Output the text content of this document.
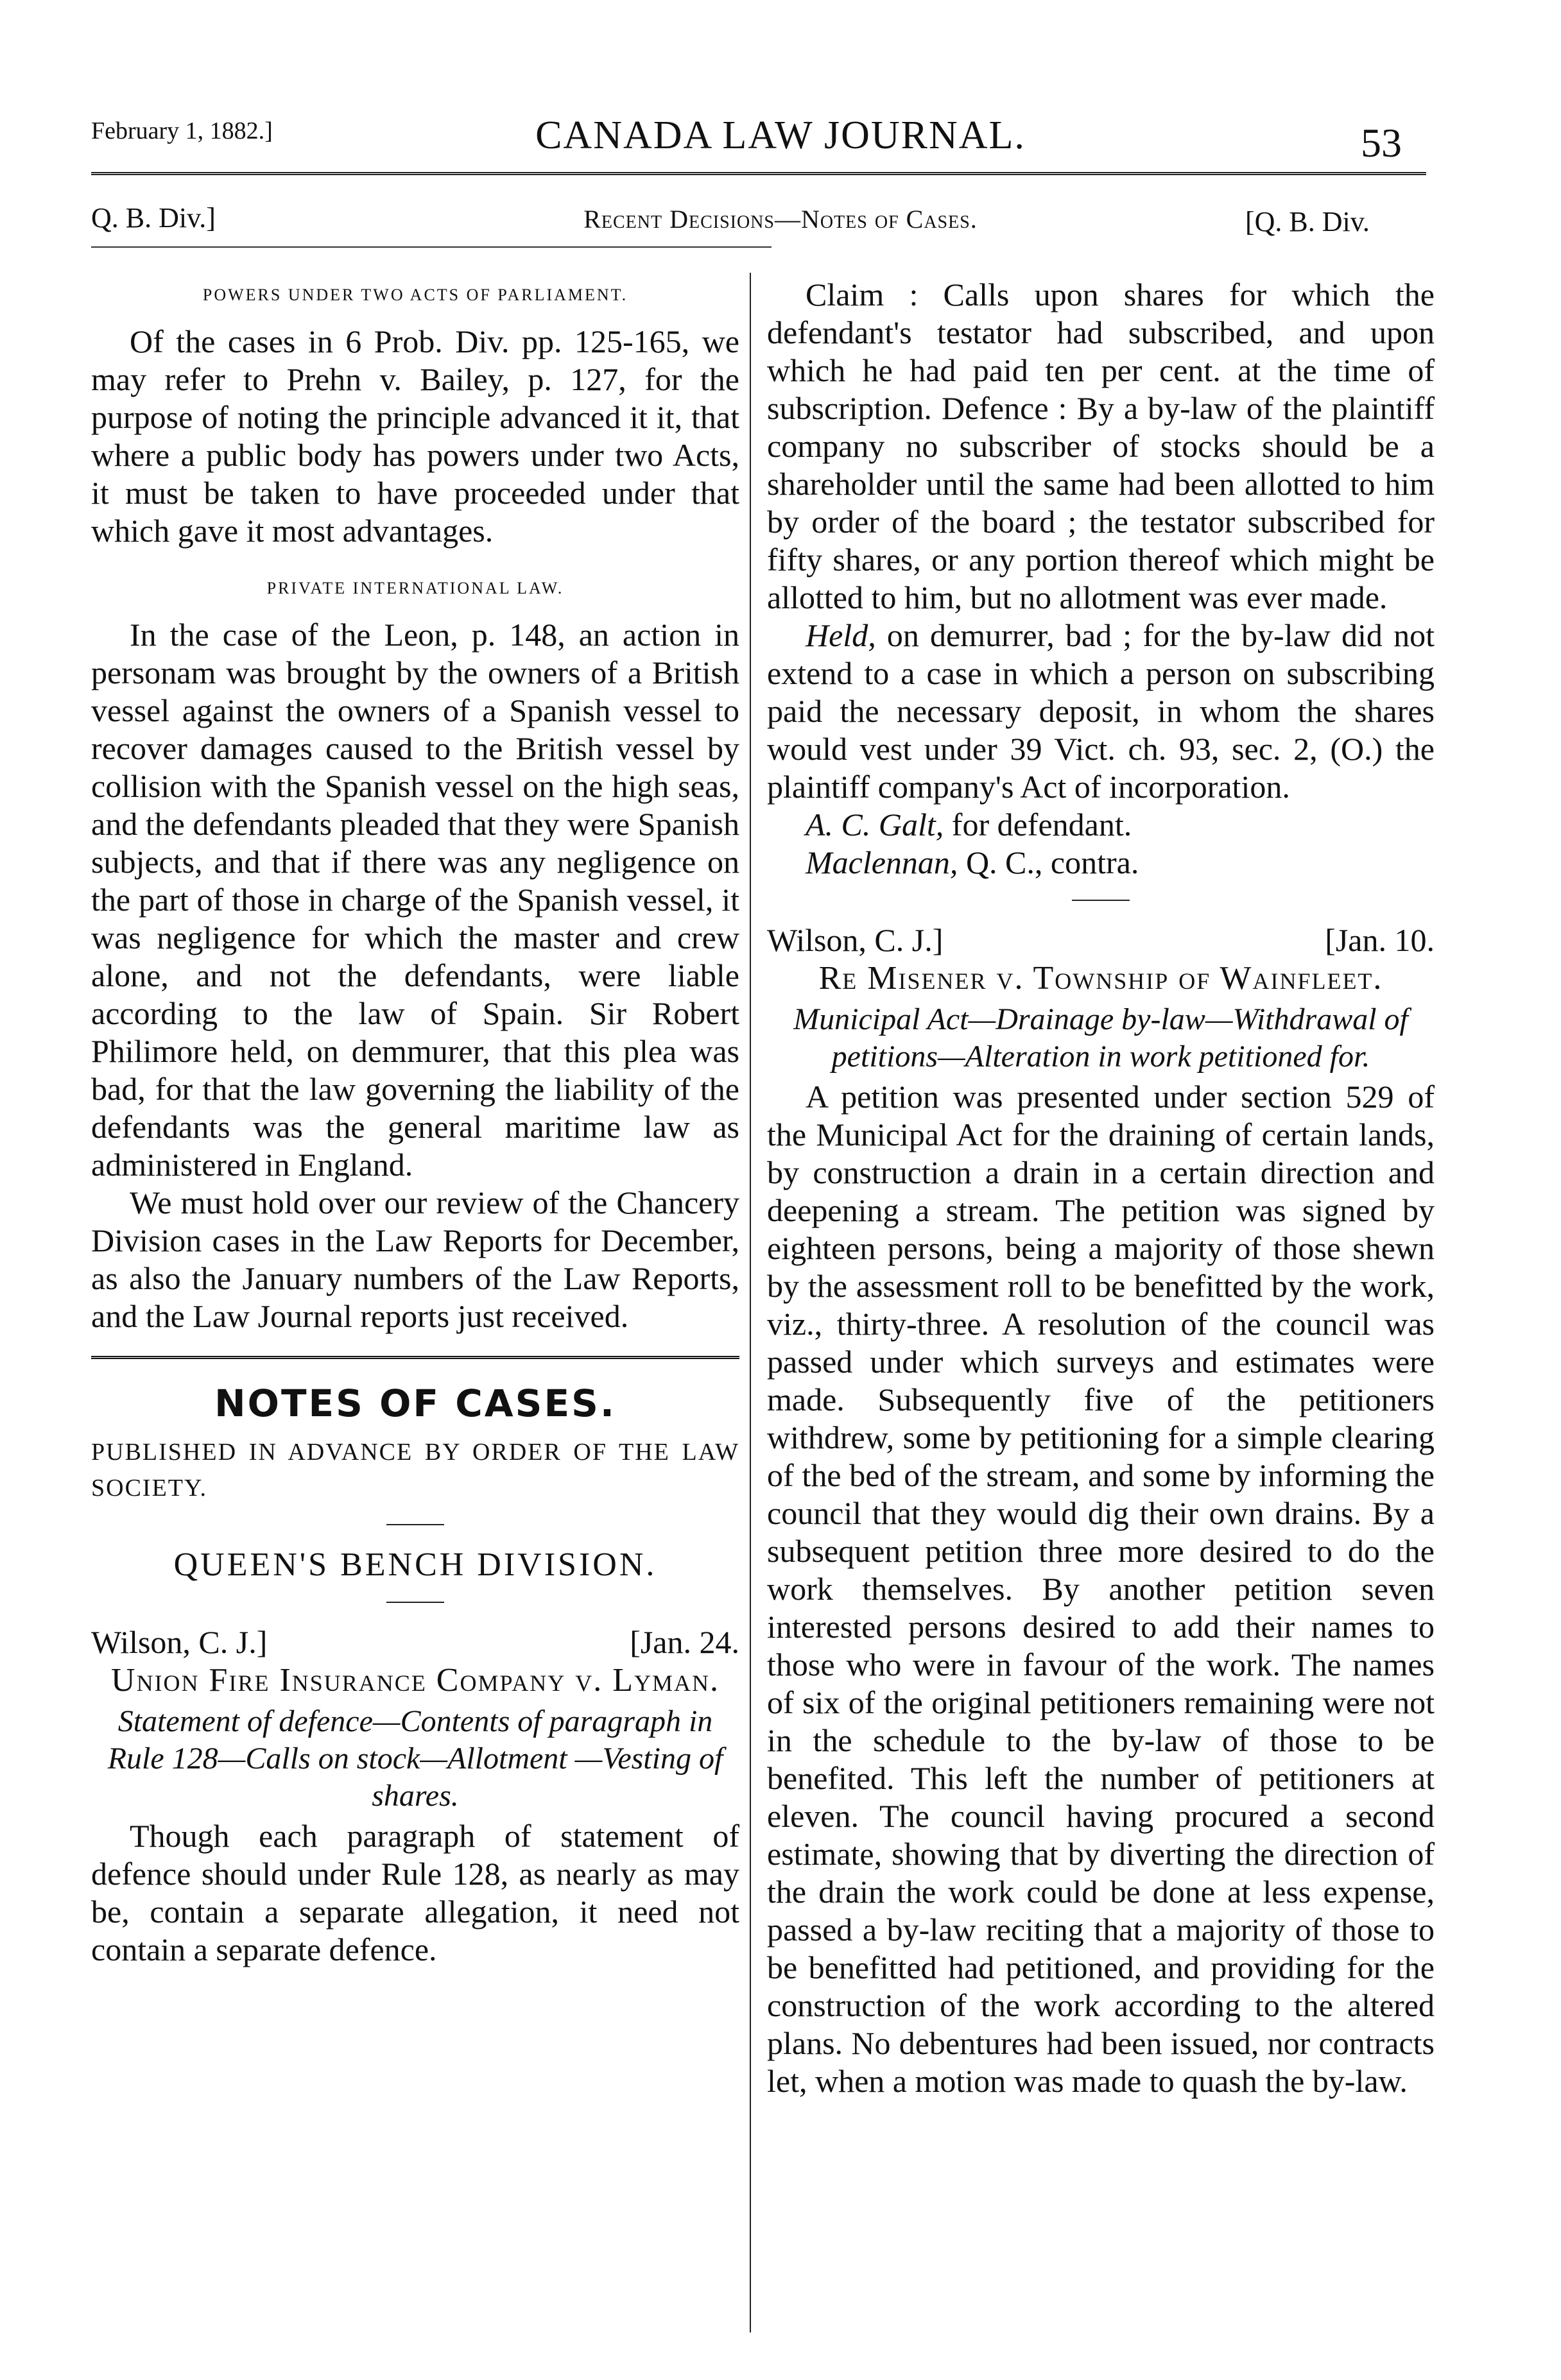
February 1, 1882.]	CANADA LAW JOURNAL.	53
Q. B. Div.]	Recent Decisions—Notes of Cases.	[Q. B. Div.
POWERS UNDER TWO ACTS OF PARLIAMENT.

Of the cases in 6 Prob. Div. pp. 125-165, we may refer to Prehn v. Bailey, p. 127, for the purpose of noting the principle advanced it it, that where a public body has powers under two Acts, it must be taken to have proceeded under that which gave it most advantages.

PRIVATE INTERNATIONAL LAW.

In the case of the Leon, p. 148, an action in personam was brought by the owners of a British vessel against the owners of a Spanish vessel to recover damages caused to the British vessel by collision with the Spanish vessel on the high seas, and the defendants pleaded that they were Spanish subjects, and that if there was any negligence on the part of those in charge of the Spanish vessel, it was negligence for which the master and crew alone, and not the defendants, were liable according to the law of Spain. Sir Robert Philimore held, on demmurer, that this plea was bad, for that the law governing the liability of the defendants was the general maritime law as administered in England.

We must hold over our review of the Chancery Division cases in the Law Reports for December, as also the January numbers of the Law Reports, and the Law Journal reports just received.

NOTES OF CASES.

PUBLISHED IN ADVANCE BY ORDER OF THE LAW SOCIETY.

QUEEN'S BENCH DIVISION.
Wilson, C. J.]	[Jan. 24.
Union Fire Insurance Company v. Lyman.
Statement of defence—Contents of paragraph in Rule 128—Calls on stock—Allotment —Vesting of shares.

Though each paragraph of statement of defence should under Rule 128, as nearly as may be, contain a separate allegation, it need not contain a separate defence.

Claim : Calls upon shares for which the defendant's testator had subscribed, and upon which he had paid ten per cent. at the time of subscription. Defence : By a by-law of the plaintiff company no subscriber of stocks should be a shareholder until the same had been allotted to him by order of the board ; the testator subscribed for fifty shares, or any portion thereof which might be allotted to him, but no allotment was ever made.

Held, on demurrer, bad ; for the by-law did not extend to a case in which a person on subscribing paid the necessary deposit, in whom the shares would vest under 39 Vict. ch. 93, sec. 2, (O.) the plaintiff company's Act of incorporation.

A. C. Galt, for defendant.
Maclennan, Q. C., contra.
Wilson, C. J.]	[Jan. 10.
Re Misener v. Township of Wainfleet.
Municipal Act—Drainage by-law—Withdrawal of petitions—Alteration in work petitioned for.

A petition was presented under section 529 of the Municipal Act for the draining of certain lands, by construction a drain in a certain direction and deepening a stream. The petition was signed by eighteen persons, being a majority of those shewn by the assessment roll to be benefitted by the work, viz., thirty-three. A resolution of the council was passed under which surveys and estimates were made. Subsequently five of the petitioners withdrew, some by petitioning for a simple clearing of the bed of the stream, and some by informing the council that they would dig their own drains. By a subsequent petition three more desired to do the work themselves. By another petition seven interested persons desired to add their names to those who were in favour of the work. The names of six of the original petitioners remaining were not in the schedule to the by-law of those to be benefited. This left the number of petitioners at eleven. The council having procured a second estimate, showing that by diverting the direction of the drain the work could be done at less expense, passed a by-law reciting that a majority of those to be benefitted had petitioned, and providing for the construction of the work according to the altered plans. No debentures had been issued, nor contracts let, when a motion was made to quash the by-law.
